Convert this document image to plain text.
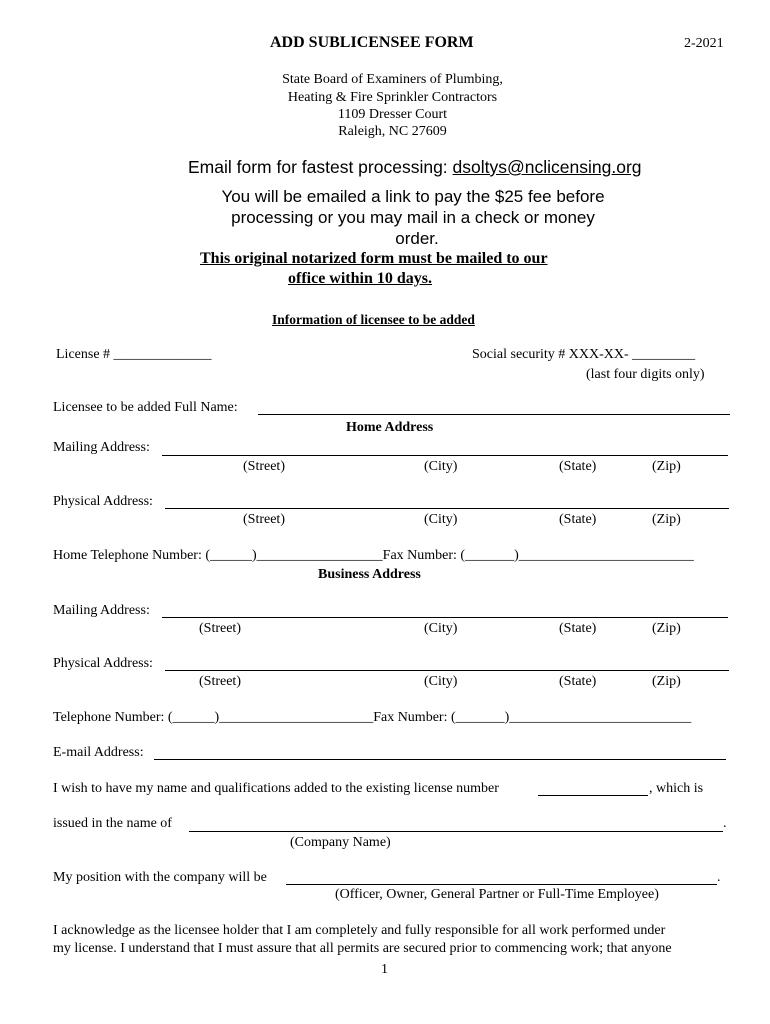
ADD SUBLICENSEE FORM	2-2021
State Board of Examiners of Plumbing,
Heating & Fire Sprinkler Contractors
1109 Dresser Court
Raleigh, NC 27609
Email form for fastest processing: dsoltys@nclicensing.org
You will be emailed a link to pay the $25 fee before
processing or you may mail in a check or money
order.
This original notarized form must be mailed to our
office within 10 days.
Information of licensee to be added
License # ______________	Social security # XXX-XX- _________
(last four digits only)
Licensee to be added Full Name:
Home Address
Mailing Address:
(Street)	(City)	(State)	(Zip)
Physical Address:
(Street)	(City)	(State)	(Zip)
Home Telephone Number: (______)__________________Fax Number: (_______)_________________________
Business Address
Mailing Address:
(Street)	(City)	(State)	(Zip)
Physical Address:
(Street)	(City)	(State)	(Zip)
Telephone Number: (______)______________________Fax Number: (_______)__________________________
E-mail Address:
I wish to have my name and qualifications added to the existing license number	, which is
issued in the name of	.
(Company Name)
My position with the company will be	.
(Officer, Owner, General Partner or Full-Time Employee)
I acknowledge as the licensee holder that I am completely and fully responsible for all work performed under
my license. I understand that I must assure that all permits are secured prior to commencing work; that anyone
1
